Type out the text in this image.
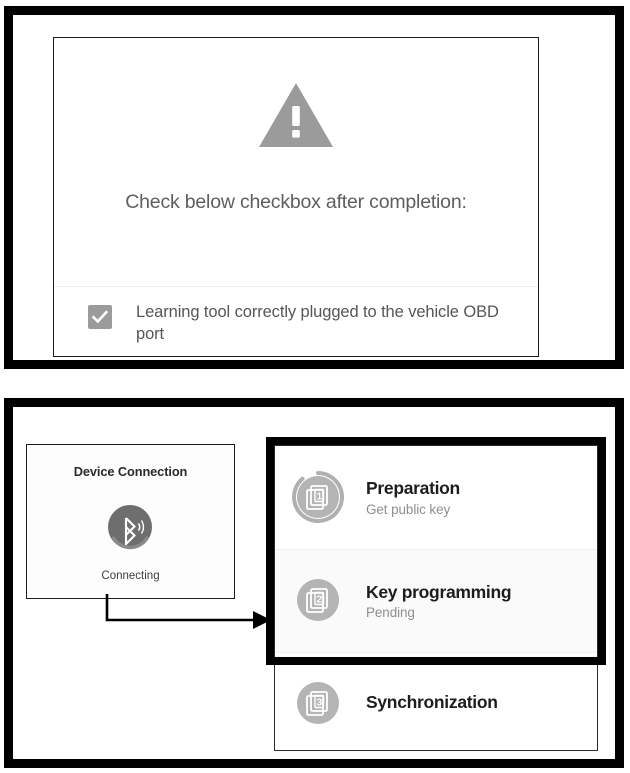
Check below checkbox after completion:
Learning tool correctly plugged to the vehicle OBD port
Device Connection
Connecting
1	Preparation
Get public key
2	Key programming
Pending
3	Synchronization
